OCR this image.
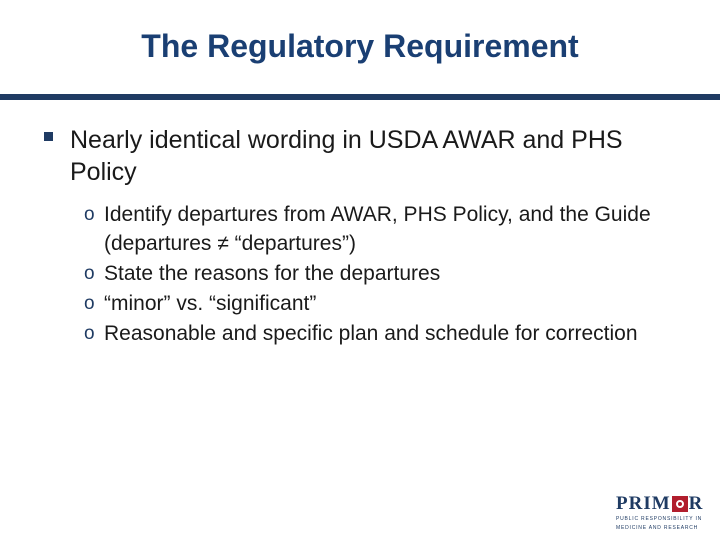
The Regulatory Requirement
Nearly identical wording in USDA AWAR and PHS Policy
o Identify departures from AWAR, PHS Policy, and the Guide (departures ≠ “departures”)
o State the reasons for the departures
o “minor” vs. “significant”
o Reasonable and specific plan and schedule for correction
PRIM R
PUBLIC RESPONSIBILITY IN
MEDICINE AND RESEARCH
